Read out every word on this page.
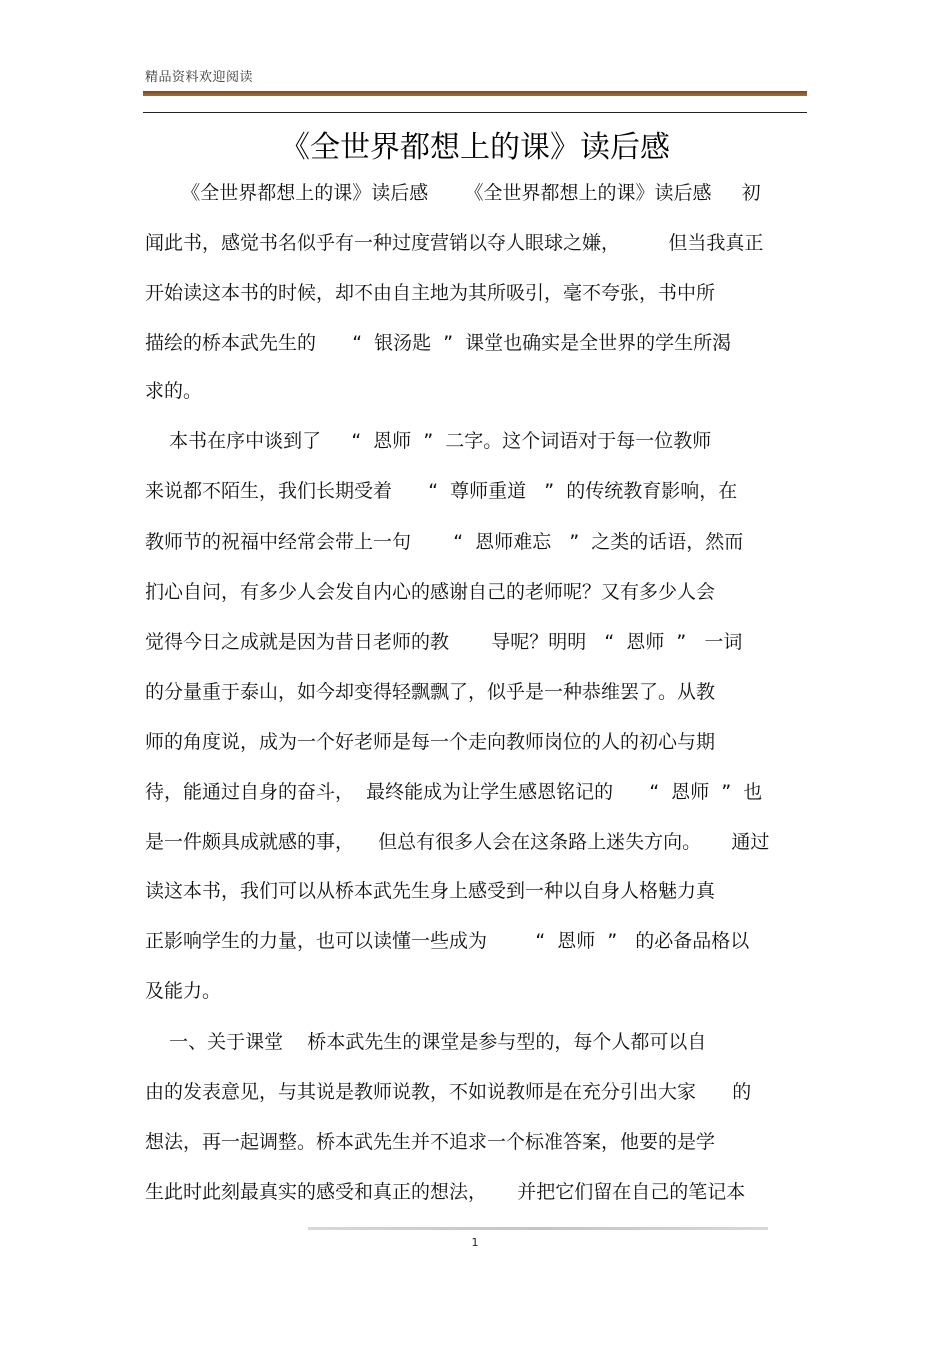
精品资料欢迎阅读
《全世界都想上的课》读后感
《全世界都想上的课》读后感      《全世界都想上的课》读后感     初
闻此书，感觉书名似乎有一种过度营销以夺人眼球之嫌，        但当我真正
开始读这本书的时候，却不由自主地为其所吸引，毫不夸张，书中所
描绘的桥本武先生的      “  银汤匙  ”  课堂也确实是全世界的学生所渴
求的。
本书在序中谈到了     “  恩师  ”  二字。这个词语对于每一位教师
来说都不陌生，我们长期受着      “  尊师重道   ”  的传统教育影响，在
教师节的祝福中经常会带上一句       “  恩师难忘   ”  之类的话语，然而
扪心自问，有多少人会发自内心的感谢自己的老师呢？又有多少人会
觉得今日之成就是因为昔日老师的教       导呢？明明   “  恩师  ”   一词
的分量重于泰山，如今却变得轻飘飘了，似乎是一种恭维罢了。从教
师的角度说，成为一个好老师是每一个走向教师岗位的人的初心与期
待，能通过自身的奋斗，  最终能成为让学生感恩铭记的      “  恩师  ”  也
是一件颇具成就感的事，    但总有很多人会在这条路上迷失方向。     通过
读这本书，我们可以从桥本武先生身上感受到一种以自身人格魅力真
正影响学生的力量，也可以读懂一些成为        “  恩师  ”   的必备品格以
及能力。
一、关于课堂    桥本武先生的课堂是参与型的，每个人都可以自
由的发表意见，与其说是教师说教，不如说教师是在充分引出大家      的
想法，再一起调整。桥本武先生并不追求一个标准答案，他要的是学
生此时此刻最真实的感受和真正的想法，     并把它们留在自己的笔记本
1
